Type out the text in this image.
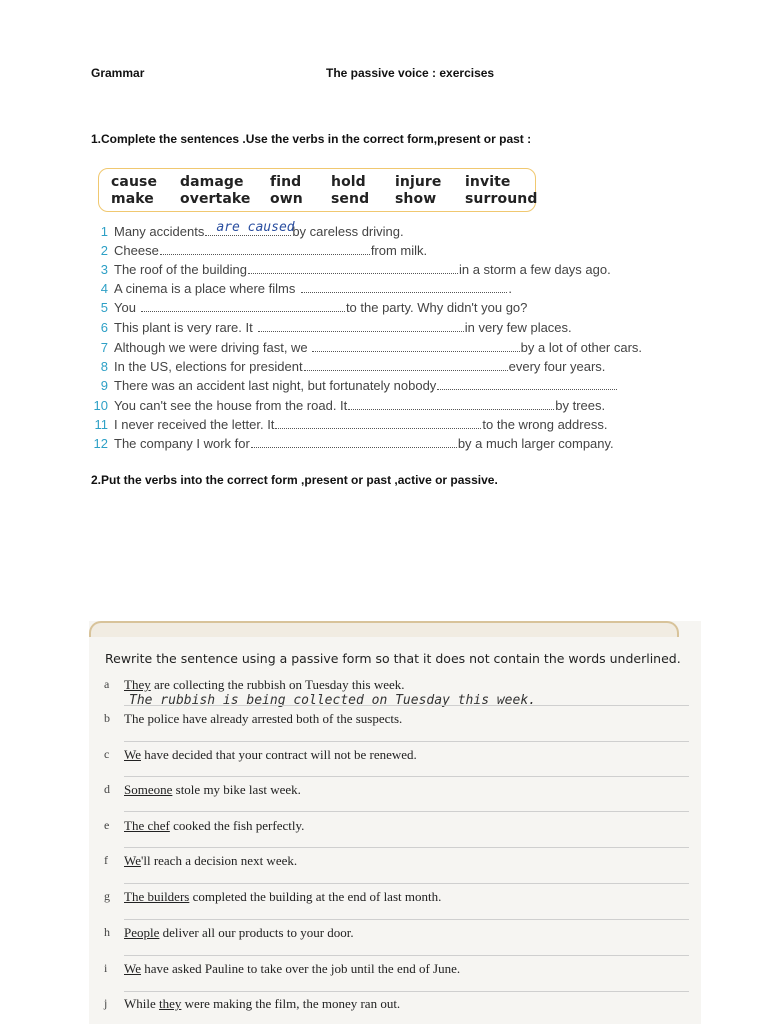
Grammar	The passive voice : exercises
1.Complete the sentences .Use the verbs in the correct form,present or past :
cause damage find hold injure invite
make overtake own send show surround
1 Many accidents are caused
by careless driving.
2 Cheese	from milk.
3 The roof of the building	in a storm a few days ago.
4 A cinema is a place where films	.
5 You	to the party. Why didn't you go?
6 This plant is very rare. It	in very few places.
7 Although we were driving fast, we	by a lot of other cars.
8 In the US, elections for president	every four years.
9 There was an accident last night, but fortunately nobody
10 You can't see the house from the road. It	by trees.
11 I never received the letter. It	to the wrong address.
12 The company I work for	by a much larger company.
2.Put the verbs into the correct form ,present or past ,active or passive.
Rewrite the sentence using a passive form so that it does not contain the words underlined.
a	They are collecting the rubbish on Tuesday this week.
The rubbish is being collected on Tuesday this week.
b	The police have already arrested both of the suspects.
c	We have decided that your contract will not be renewed.
d	Someone stole my bike last week.
e	The chef cooked the fish perfectly.
f	We'll reach a decision next week.
g	The builders completed the building at the end of last month.
h	People deliver all our products to your door.
i	We have asked Pauline to take over the job until the end of June.
j	While they were making the film, the money ran out.
